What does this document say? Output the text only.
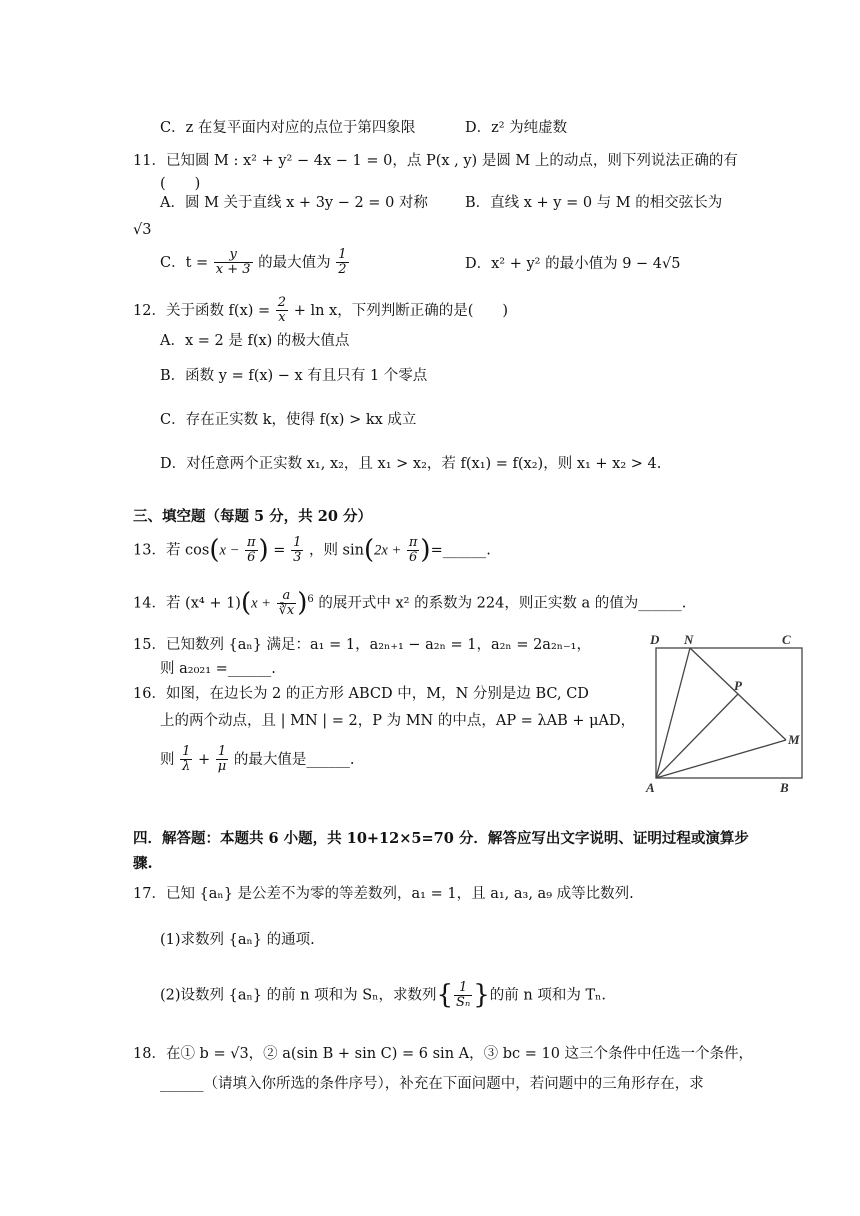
C．z 在复平面内对应的点位于第四象限	D．z² 为纯虚数
11．已知圆 M : x² + y² − 4x − 1 = 0，点 P(x , y) 是圆 M 上的动点，则下列说法正确的有
(　　)
A．圆 M 关于直线 x + 3y − 2 = 0 对称	B．直线 x + y = 0 与 M 的相交弦长为
√3
C．$t = \frac{y}{x + 3}$ 的最大值为 $\frac{1}{2}$	D．x² + y² 的最小值为 9 − 4√5
12．关于函数 $f(x) = \frac{2}{x} + \ln x$，下列判断正确的是(　　)
A．x = 2 是 f(x) 的极大值点
B．函数 y = f(x) − x 有且只有 1 个零点
C．存在正实数 k，使得 f(x) > kx 成立
D．对任意两个正实数 x₁, x₂，且 x₁ > x₂，若 f(x₁) = f(x₂)，则 x₁ + x₂ > 4.
三、填空题（每题 5 分，共 20 分）
13．若 $\cos(x - \frac{\pi}{6}$ ) = $\frac{1}{3}$ ，则 $\sin(2x + \frac{\pi}{6}$ )=______.
14．若 $(x^4 + 1)(x + \frac{a}{∛x} )^6$ 的展开式中 x² 的系数为 224，则正实数 a 的值为______.
15．已知数列 {aₙ} 满足：a₁ = 1，a₂ₙ₊₁ − a₂ₙ = 1，a₂ₙ = 2a₂ₙ₋₁，
则 a₂₀₂₁ =______.
16．如图，在边长为 2 的正方形 ABCD 中，M，N 分别是边 BC, CD
上的两个动点，且 | MN | = 2，P 为 MN 的中点，AP = λAB + μAD，
则 $\frac{1}{\lambda} + \frac{1}{\mu}$ 的最大值是______.
D N	C
P
M
A	B
四．解答题：本题共 6 小题，共 10+12×5=70 分．解答应写出文字说明、证明过程或演算步
骤.
17．已知 {aₙ} 是公差不为零的等差数列，a₁ = 1，且 a₁, a₃, a₉ 成等比数列.
(1)求数列 {aₙ} 的通项.
(2)设数列 {aₙ} 的前 n 项和为 Sₙ，求数列{ $\frac{1}{\text{Sₙ}}$ }的前 n 项和为 Tₙ.
18．在① b = √3，② a(sin B + sin C) = 6 sin A，③ bc = 10 这三个条件中任选一个条件，
______（请填入你所选的条件序号），补充在下面问题中，若问题中的三角形存在，求
